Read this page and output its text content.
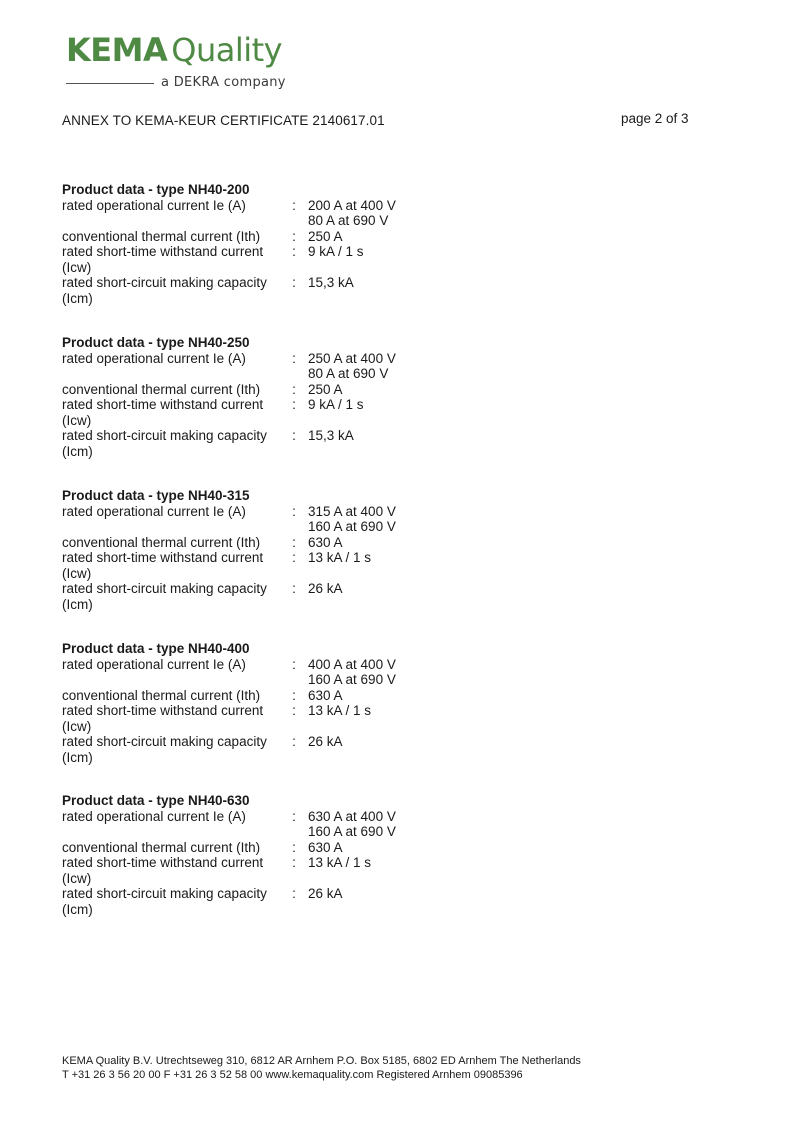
KEMA Quality
a DEKRA company
ANNEX TO KEMA-KEUR CERTIFICATE 2140617.01	page 2 of 3
Product data - type NH40-200
rated operational current Ie (A)	: 200 A at 400 V
80 A at 690 V
conventional thermal current (Ith)	: 250 A
rated short-time withstand current (Icw)
: 9 kA / 1 s
rated short-circuit making capacity (Icm)
: 15,3 kA
Product data - type NH40-250
rated operational current Ie (A)	: 250 A at 400 V
80 A at 690 V
conventional thermal current (Ith)	: 250 A
rated short-time withstand current (Icw)
: 9 kA / 1 s
rated short-circuit making capacity (Icm)
: 15,3 kA
Product data - type NH40-315
rated operational current Ie (A)	: 315 A at 400 V
160 A at 690 V
conventional thermal current (Ith)	: 630 A
rated short-time withstand current (Icw)
: 13 kA / 1 s
rated short-circuit making capacity (Icm)
: 26 kA
Product data - type NH40-400
rated operational current Ie (A)	: 400 A at 400 V
160 A at 690 V
conventional thermal current (Ith)	: 630 A
rated short-time withstand current (Icw)
: 13 kA / 1 s
rated short-circuit making capacity (Icm)
: 26 kA
Product data - type NH40-630
rated operational current Ie (A)	: 630 A at 400 V
160 A at 690 V
conventional thermal current (Ith)	: 630 A
rated short-time withstand current (Icw)
: 13 kA / 1 s
rated short-circuit making capacity (Icm)
: 26 kA
KEMA Quality B.V. Utrechtseweg 310, 6812 AR Arnhem P.O. Box 5185, 6802 ED Arnhem The Netherlands
T +31 26 3 56 20 00 F +31 26 3 52 58 00 www.kemaquality.com Registered Arnhem 09085396
